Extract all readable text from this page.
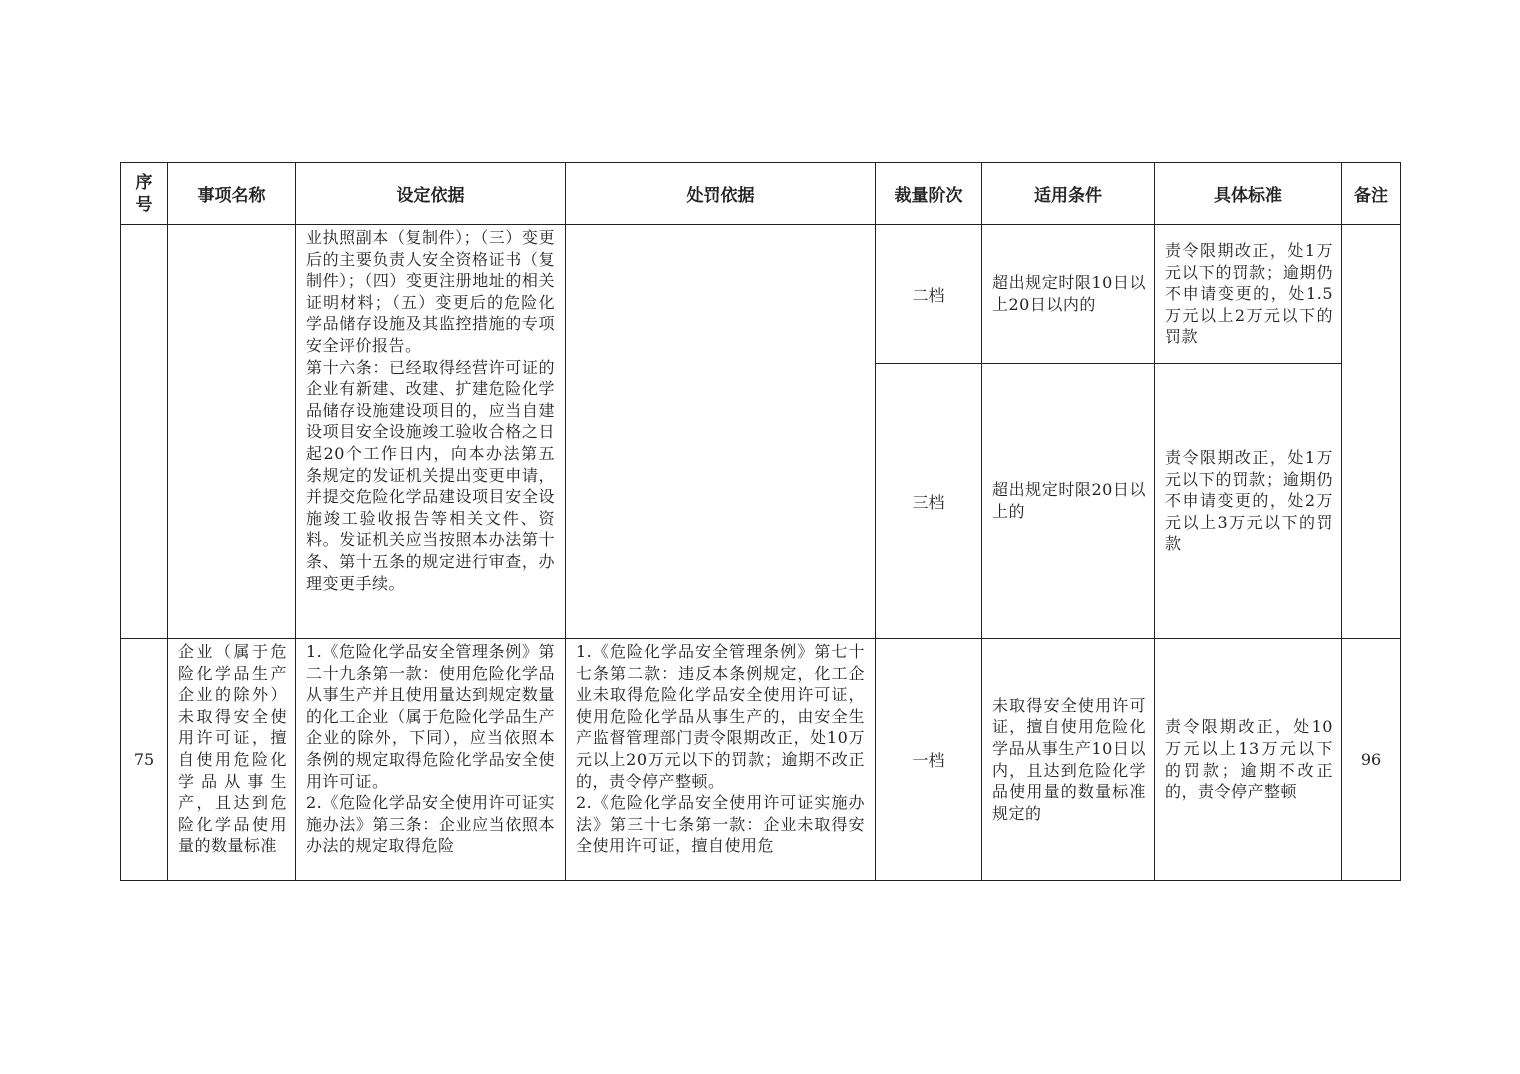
序号	事项名称	设定依据	处罚依据	裁量阶次	适用条件	具体标准	备注

		业执照副本（复制件）；（三）变更后的主要负责人安全资格证书（复制件）；（四）变更注册地址的相关证明材料；（五）变更后的危险化学品储存设施及其监控措施的专项安全评价报告。
第十六条：已经取得经营许可证的企业有新建、改建、扩建危险化学品储存设施建设项目的，应当自建设项目安全设施竣工验收合格之日起20个工作日内，向本办法第五条规定的发证机关提出变更申请，并提交危险化学品建设项目安全设施竣工验收报告等相关文件、资料。发证机关应当按照本办法第十条、第十五条的规定进行审查，办理变更手续。		二档	超出规定时限10日以上20日以内的	责令限期改正，处1万元以下的罚款；逾期仍不申请变更的，处1.5万元以上2万元以下的罚款	

				三档	超出规定时限20日以上的	责令限期改正，处1万元以下的罚款；逾期仍不申请变更的，处2万元以上3万元以下的罚款	

75	企业（属于危险化学品生产企业的除外）未取得安全使用许可证，擅自使用危险化学品从事生产，且达到危险化学品使用量的数量标准	1.《危险化学品安全管理条例》第二十九条第一款：使用危险化学品从事生产并且使用量达到规定数量的化工企业（属于危险化学品生产企业的除外，下同），应当依照本条例的规定取得危险化学品安全使用许可证。
2.《危险化学品安全使用许可证实施办法》第三条：企业应当依照本办法的规定取得危险	1.《危险化学品安全管理条例》第七十七条第二款：违反本条例规定，化工企业未取得危险化学品安全使用许可证，使用危险化学品从事生产的，由安全生产监督管理部门责令限期改正，处10万元以上20万元以下的罚款；逾期不改正的，责令停产整顿。
2.《危险化学品安全使用许可证实施办法》第三十七条第一款：企业未取得安全使用许可证，擅自使用危	一档	未取得安全使用许可证，擅自使用危险化学品从事生产10日以内，且达到危险化学品使用量的数量标准规定的	责令限期改正，处10万元以上13万元以下的罚款；逾期不改正的，责令停产整顿	96
